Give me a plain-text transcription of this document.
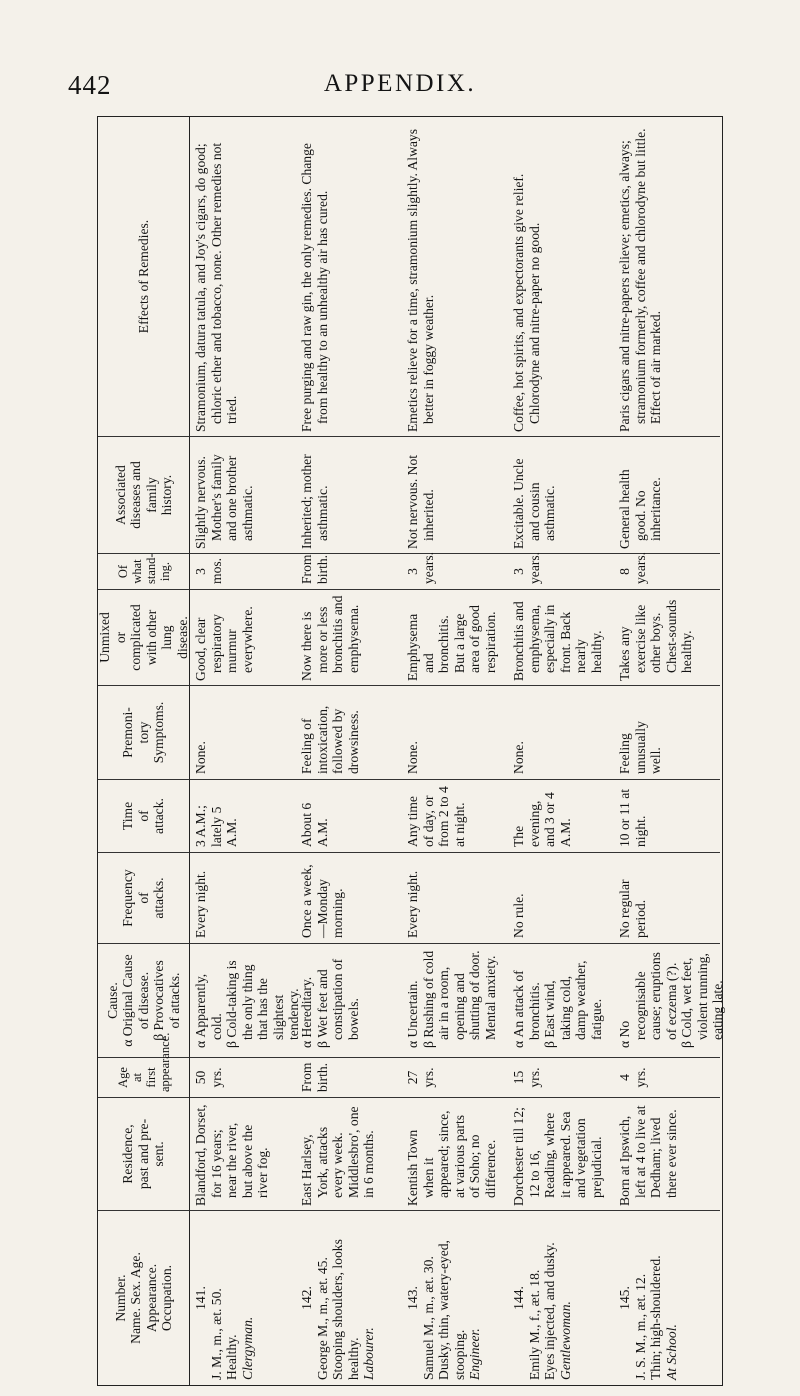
442	APPENDIX.
Number. Name. Sex. Age. Appearance. Occupation.
Residence, past and pre- sent.
Age at first appearance.
Cause. α Original Cause of disease. β Provocatives of attacks.
Frequency of attacks.
Time of attack.
Premoni- tory Symptoms.
Unmixed or complicated with other lung disease.
Of what stand- ing.
Associated diseases and family history.
Effects of Remedies.
141. J. M., m., æt. 50. Healthy. Clergyman.
Blandford, Dorset, for 16 years; near the river, but above the river fog.
50 yrs.
α Apparently, cold. β Cold-taking is the only thing that has the slightest tendency.
Every night.
3 A.M.; lately 5 A.M.
None.
Good, clear respiratory murmur everywhere.
3 mos.
Slightly nervous. Mother's family and one brother asthmatic.
Stramonium, datura tatula, and Joy's cigars, do good; chloric ether and tobacco, none. Other remedies not tried.
142. George M., m., æt. 45. Stooping shoulders, looks healthy. Labourer.
East Harlsey, York, attacks every week. Middlesbro', one in 6 months.
From birth.
α Hereditary. β Wet feet and constipation of bowels.
Once a week, —Monday morning.
About 6 A.M.
Feeling of intoxication, followed by drowsiness.
Now there is more or less bronchitis and emphysema.
From birth.
Inherited; mother asthmatic.
Free purging and raw gin, the only remedies. Change from healthy to an unhealthy air has cured.
143. Samuel M., m., æt. 30. Dusky, thin, watery-eyed, stooping. Engineer.
Kentish Town when it appeared; since, at various parts of Soho; no difference.
27 yrs.
α Uncertain. β Rushing of cold air in a room, opening and shutting of door. Mental anxiety.
Every night.
Any time of day, or from 2 to 4 at night.
None.
Emphysema and bronchitis. But a large area of good respiration.
3 years.
Not nervous. Not inherited.
Emetics relieve for a time, stramonium slightly. Always better in foggy weather.
144. Emily M., f., æt. 18. Eyes injected, and dusky. Gentlewoman.
Dorchester till 12; 12 to 16, Reading, where it appeared. Sea and vegetation prejudicial.
15 yrs.
α An attack of bronchitis. β East wind, taking cold, damp weather, fatigue.
No rule.
The evening, and 3 or 4 A.M.
None.
Bronchitis and emphysema, especially in front. Back nearly healthy.
3 years.
Excitable. Uncle and cousin asthmatic.
Coffee, hot spirits, and expectorants give relief. Chlorodyne and nitre-paper no good.
145. J. S. M., m., æt. 12. Thin; high-shouldered. At School.
Born at Ipswich, left at 4 to live at Dedham; lived there ever since.
4 yrs.
α No recognisable cause; eruptions of eczema (?). β Cold, wet feet, violent running, eating late.
No regular period.
10 or 11 at night.
Feeling unusually well.
Takes any exercise like other boys. Chest-sounds healthy.
8 years.
General health good. No inheritance.
Paris cigars and nitre-papers relieve; emetics, always; stramonium formerly, coffee and chlorodyne but little. Effect of air marked.
